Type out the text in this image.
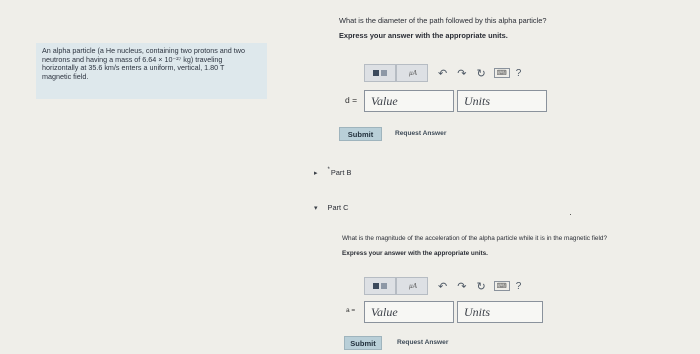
An alpha particle (a He nucleus, containing two protons and two
neutrons and having a mass of 6.64 × 10⁻²⁷ kg) traveling
horizontally at 35.6 km/s enters a uniform, vertical, 1.80 T
magnetic field.
What is the diameter of the path followed by this alpha particle?
Express your answer with the appropriate units.
μA ↶ ↷ ↻	⌨ ?
d =	Value	Units
Submit	Request Answer
▸ * Part B
▾ Part C
What is the magnitude of the acceleration of the alpha particle while it is in the magnetic field?
Express your answer with the appropriate units.
μA ↶ ↷ ↻	⌨ ?
a =	Value	Units
Submit	Request Answer
·
